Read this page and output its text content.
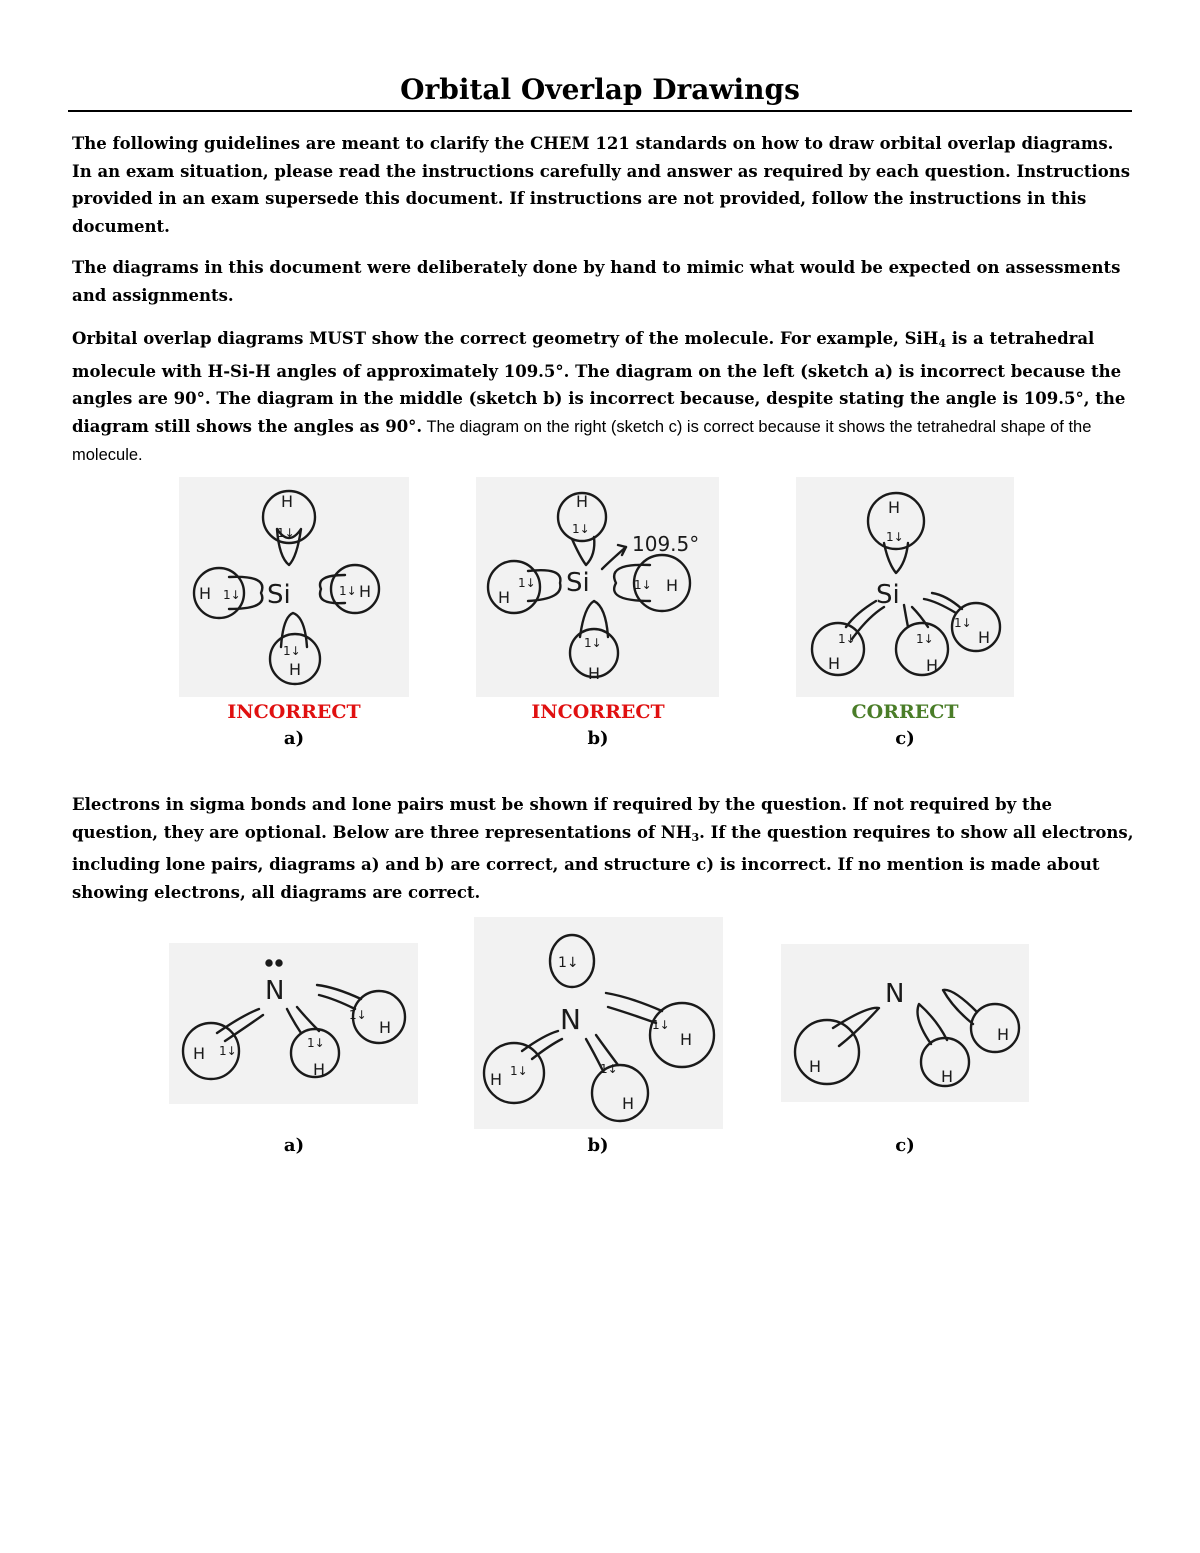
Orbital Overlap Drawings

The following guidelines are meant to clarify the CHEM 121 standards on how to draw orbital overlap diagrams. In an exam situation, please read the instructions carefully and answer as required by each question. Instructions provided in an exam supersede this document. If instructions are not provided, follow the instructions in this document.

The diagrams in this document were deliberately done by hand to mimic what would be expected on assessments and assignments.

Orbital overlap diagrams MUST show the correct geometry of the molecule. For example, SiH$_4$ is a tetrahedral molecule with H-Si-H angles of approximately 109.5°. The diagram on the left (sketch a) is incorrect because the angles are 90°. The diagram in the middle (sketch b) is incorrect because, despite stating the angle is 109.5°, the diagram still shows the angles as 90°. The diagram on the right (sketch c) is correct because it shows the tetrahedral shape of the molecule.

H
1↓
H 1↓ Si	1↓ H
1↓
H
H
1↓
109.5°
H
1↓ Si	1↓ H
1↓
H
H
1↓
Si
1↓
H
1↓
H
1↓
H
INCORRECT	INCORRECT	CORRECT
a)	b)	c)

Electrons in sigma bonds and lone pairs must be shown if required by the question. If not required by the question, they are optional. Below are three representations of $NH_3$. If the question requires to show all electrons, including lone pairs, diagrams a) and b) are correct, and structure c) is incorrect. If no mention is made about showing electrons, all diagrams are correct.

N
H 1↓
1↓
H
1↓
H
1↓
N
H 1↓	1↓
H
1↓
H
N
H
H
H
a)	b)	c)
